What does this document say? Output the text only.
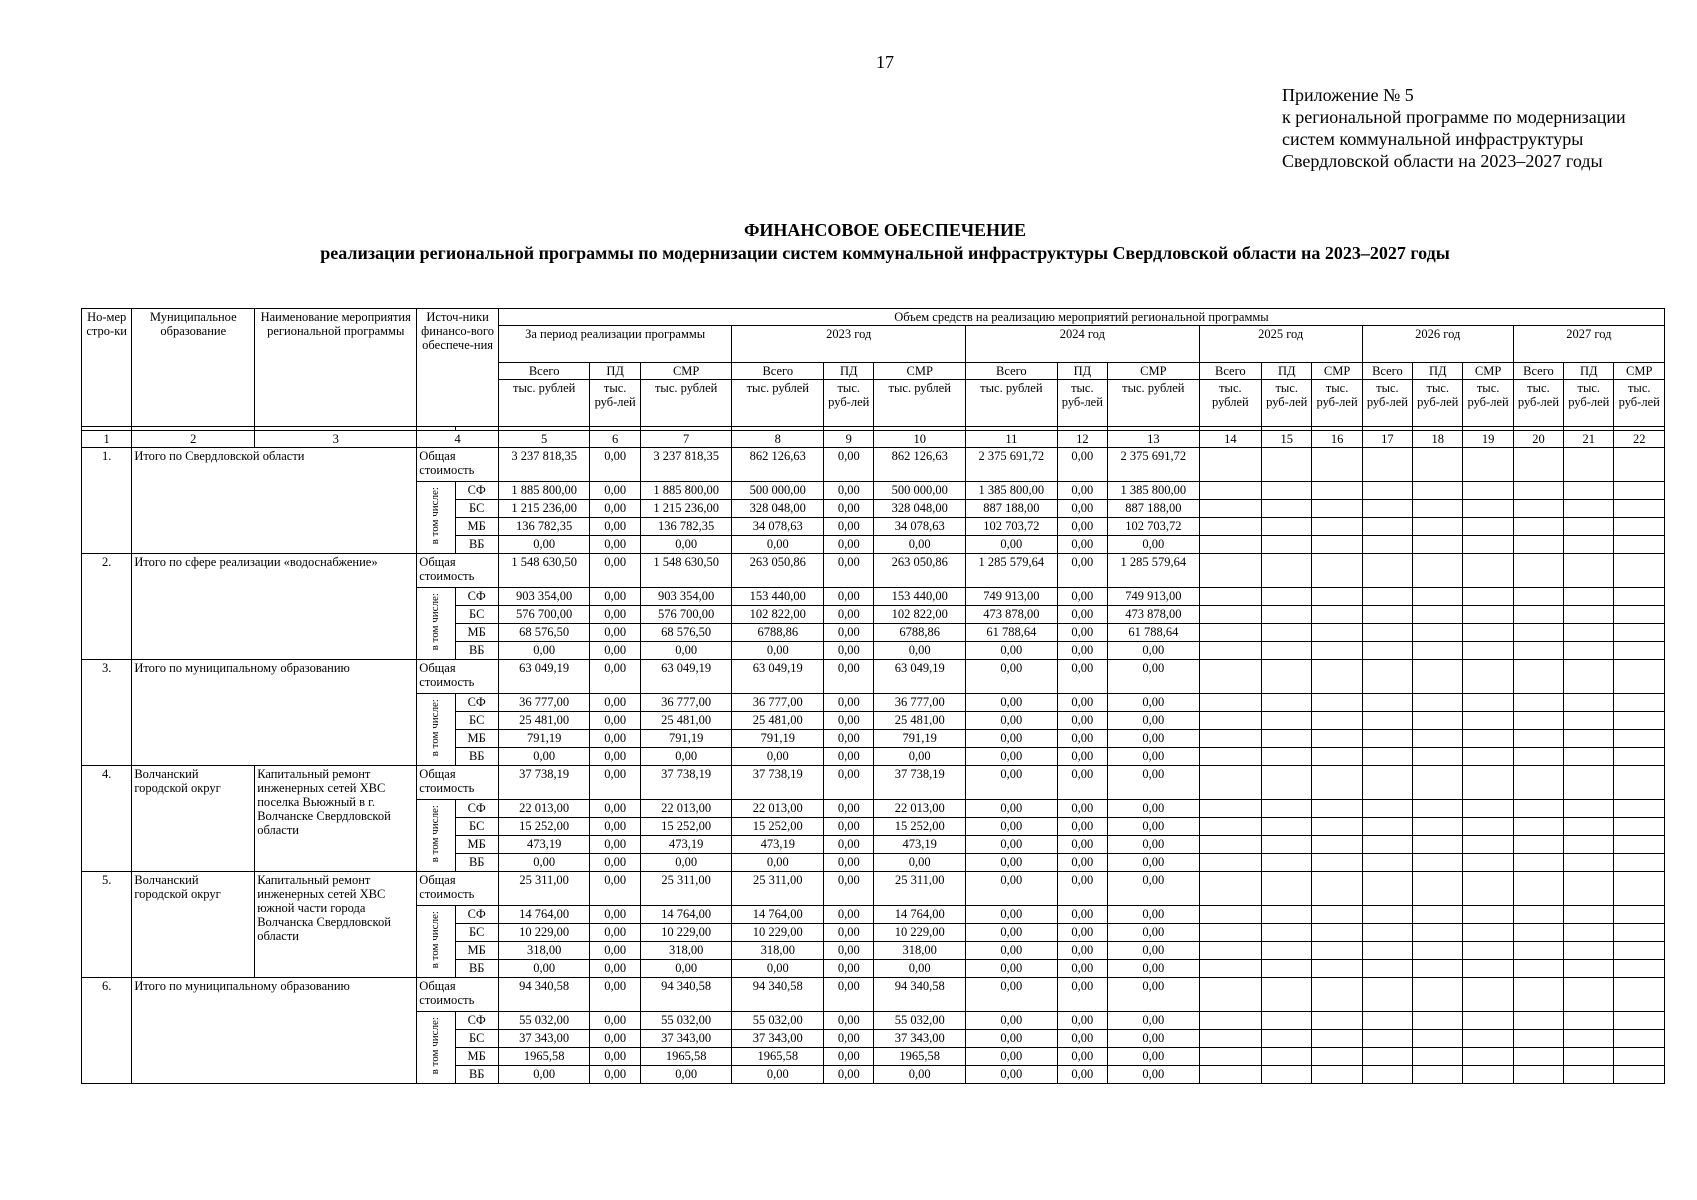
17
Приложение № 5
к региональной программе по модернизации
систем коммунальной инфраструктуры
Свердловской области на 2023–2027 годы
ФИНАНСОВОЕ ОБЕСПЕЧЕНИЕ
реализации региональной программы по модернизации систем коммунальной инфраструктуры Свердловской области на 2023–2027 годы
Но-мер стро-ки	Муниципальное образование	Наименование мероприятия региональной программы	Источ-ники финансо-вого обеспече-ния		Объем средств на реализацию мероприятий региональной программы																	
					За период реализации программы			2023 год			2024 год			2025 год			2026 год			2027 год		
					Всего	ПД	СМР	Всего	ПД	СМР	Всего	ПД	СМР	Всего	ПД	СМР	Всего	ПД	СМР	Всего	ПД	СМР
					тыс. рублей	тыс. руб-лей	тыс. рублей	тыс. рублей	тыс. руб-лей	тыс. рублей	тыс. рублей	тыс. руб-лей	тыс. рублей	тыс. рублей	тыс. руб-лей	тыс. руб-лей	тыс. руб-лей	тыс. руб-лей	тыс. руб-лей	тыс. руб-лей	тыс. руб-лей	тыс. руб-лей

1	2	3	4		5	6	7	8	9	10	11	12	13	14	15	16	17	18	19	20	21	22
1.	Итого по Свердловской области		Общая стоимость		3 237 818,35	0,00	3 237 818,35	862 126,63	0,00	862 126,63	2 375 691,72	0,00	2 375 691,72									
			в том числе:	СФ	1 885 800,00	0,00	1 885 800,00	500 000,00	0,00	500 000,00	1 385 800,00	0,00	1 385 800,00									
				БС	1 215 236,00	0,00	1 215 236,00	328 048,00	0,00	328 048,00	887 188,00	0,00	887 188,00									
				МБ	136 782,35	0,00	136 782,35	34 078,63	0,00	34 078,63	102 703,72	0,00	102 703,72									
				ВБ	0,00	0,00	0,00	0,00	0,00	0,00	0,00	0,00	0,00									
2.	Итого по сфере реализации «водоснабжение»		Общая стоимость		1 548 630,50	0,00	1 548 630,50	263 050,86	0,00	263 050,86	1 285 579,64	0,00	1 285 579,64									
			в том числе:	СФ	903 354,00	0,00	903 354,00	153 440,00	0,00	153 440,00	749 913,00	0,00	749 913,00									
				БС	576 700,00	0,00	576 700,00	102 822,00	0,00	102 822,00	473 878,00	0,00	473 878,00									
				МБ	68 576,50	0,00	68 576,50	6788,86	0,00	6788,86	61 788,64	0,00	61 788,64									
				ВБ	0,00	0,00	0,00	0,00	0,00	0,00	0,00	0,00	0,00									
3.	Итого по муниципальному образованию		Общая стоимость		63 049,19	0,00	63 049,19	63 049,19	0,00	63 049,19	0,00	0,00	0,00									
			в том числе:	СФ	36 777,00	0,00	36 777,00	36 777,00	0,00	36 777,00	0,00	0,00	0,00									
				БС	25 481,00	0,00	25 481,00	25 481,00	0,00	25 481,00	0,00	0,00	0,00									
				МБ	791,19	0,00	791,19	791,19	0,00	791,19	0,00	0,00	0,00									
				ВБ	0,00	0,00	0,00	0,00	0,00	0,00	0,00	0,00	0,00									
4.	Волчанский городской округ	Капитальный ремонт инженерных сетей ХВС поселка Вьюжный в г. Волчанске Свердловской области	Общая стоимость		37 738,19	0,00	37 738,19	37 738,19	0,00	37 738,19	0,00	0,00	0,00									
			в том числе:	СФ	22 013,00	0,00	22 013,00	22 013,00	0,00	22 013,00	0,00	0,00	0,00									
				БС	15 252,00	0,00	15 252,00	15 252,00	0,00	15 252,00	0,00	0,00	0,00									
				МБ	473,19	0,00	473,19	473,19	0,00	473,19	0,00	0,00	0,00									
				ВБ	0,00	0,00	0,00	0,00	0,00	0,00	0,00	0,00	0,00									
5.	Волчанский городской округ	Капитальный ремонт инженерных сетей ХВС южной части города Волчанска Свердловской области	Общая стоимость		25 311,00	0,00	25 311,00	25 311,00	0,00	25 311,00	0,00	0,00	0,00									
			в том числе:	СФ	14 764,00	0,00	14 764,00	14 764,00	0,00	14 764,00	0,00	0,00	0,00									
				БС	10 229,00	0,00	10 229,00	10 229,00	0,00	10 229,00	0,00	0,00	0,00									
				МБ	318,00	0,00	318,00	318,00	0,00	318,00	0,00	0,00	0,00									
				ВБ	0,00	0,00	0,00	0,00	0,00	0,00	0,00	0,00	0,00									
6.	Итого по муниципальному образованию		Общая стоимость		94 340,58	0,00	94 340,58	94 340,58	0,00	94 340,58	0,00	0,00	0,00									
			в том числе:	СФ	55 032,00	0,00	55 032,00	55 032,00	0,00	55 032,00	0,00	0,00	0,00									
				БС	37 343,00	0,00	37 343,00	37 343,00	0,00	37 343,00	0,00	0,00	0,00									
				МБ	1965,58	0,00	1965,58	1965,58	0,00	1965,58	0,00	0,00	0,00									
				ВБ	0,00	0,00	0,00	0,00	0,00	0,00	0,00	0,00	0,00									
